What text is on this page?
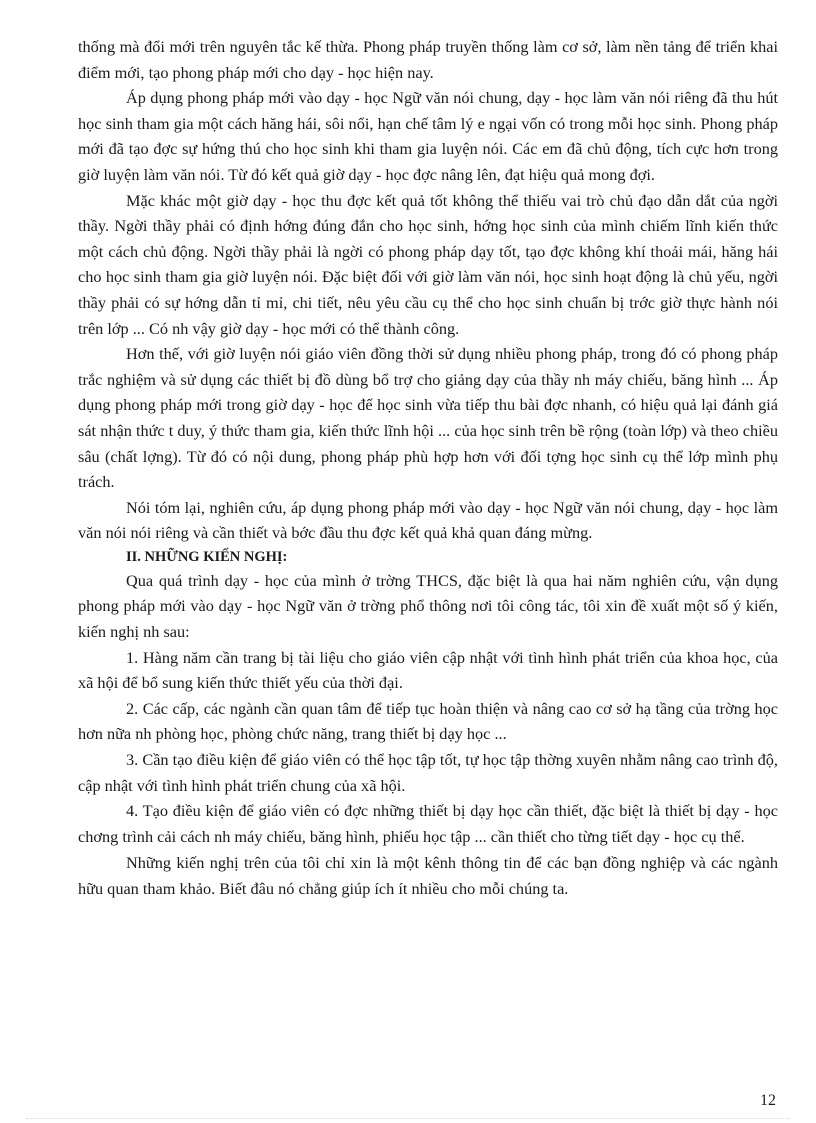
thống mà đổi mới trên nguyên tắc kế thừa. Phong pháp truyền thống làm cơ sở, làm nền tảng để triển khai điểm mới, tạo phong pháp mới cho dạy - học hiện nay.

Áp dụng phong pháp mới vào dạy - học Ngữ văn nói chung, dạy - học làm văn nói riêng đã thu hút học sinh tham gia một cách hăng hái, sôi nổi, hạn chế tâm lý e ngại vốn có trong mỗi học sinh. Phong pháp mới đã tạo đợc sự hứng thú cho học sinh khi tham gia luyện nói. Các em đã chủ động, tích cực hơn trong giờ luyện làm văn nói. Từ đó kết quả giờ dạy - học đợc nâng lên, đạt hiệu quả mong đợi.

Mặc khác một giờ dạy - học thu đợc kết quả tốt không thể thiếu vai trò chủ đạo dẫn dắt của ngời thầy. Ngời thầy phải có định hớng đúng đắn cho học sinh, hớng học sinh của mình chiếm lĩnh kiến thức một cách chủ động. Ngời thầy phải là ngời có phong pháp dạy tốt, tạo đợc không khí thoải mái, hăng hái cho học sinh tham gia giờ luyện nói. Đặc biệt đối với giờ làm văn nói, học sinh hoạt động là chủ yếu, ngời thầy phải có sự hớng dẫn tỉ mỉ, chi tiết, nêu yêu cầu cụ thể cho học sinh chuẩn bị trớc giờ thực hành nói trên lớp ... Có nh vậy giờ dạy - học mới có thể thành công.

Hơn thế, với giờ luyện nói giáo viên đồng thời sử dụng nhiều phong pháp, trong đó có phong pháp trắc nghiệm và sử dụng các thiết bị đồ dùng bổ trợ cho giảng dạy của thầy nh máy chiếu, băng hình ... Áp dụng phong pháp mới trong giờ dạy - học để học sinh vừa tiếp thu bài đợc nhanh, có hiệu quả lại đánh giá sát nhận thức t duy, ý thức tham gia, kiến thức lĩnh hội ... của học sinh trên bề rộng (toàn lớp) và theo chiều sâu (chất lợng). Từ đó có nội dung, phong pháp phù hợp hơn với đối tợng học sinh cụ thể lớp mình phụ trách.

Nói tóm lại, nghiên cứu, áp dụng phong pháp mới vào dạy - học Ngữ văn nói chung, dạy - học làm văn nói nói riêng và cần thiết và bớc đầu thu đợc kết quả khả quan đáng mừng.

II. NHỮNG KIẾN NGHỊ:

Qua quá trình dạy - học của mình ở trờng THCS, đặc biệt là qua hai năm nghiên cứu, vận dụng phong pháp mới vào dạy - học Ngữ văn ở trờng phổ thông nơi tôi công tác, tôi xin đề xuất một số ý kiến, kiến nghị nh sau:

1. Hàng năm cần trang bị tài liệu cho giáo viên cập nhật với tình hình phát triển của khoa học, của xã hội để bổ sung kiến thức thiết yếu của thời đại.

2. Các cấp, các ngành cần quan tâm để tiếp tục hoàn thiện và nâng cao cơ sở hạ tầng của trờng học hơn nữa nh phòng học, phòng chức năng, trang thiết bị dạy học ...

3. Cần tạo điều kiện để giáo viên có thể học tập tốt, tự học tập thờng xuyên nhằm nâng cao trình độ, cập nhật với tình hình phát triển chung của xã hội.

4. Tạo điều kiện để giáo viên có đợc những thiết bị dạy học cần thiết, đặc biệt là thiết bị dạy - học chơng trình cải cách nh máy chiếu, băng hình, phiếu học tập ... cần thiết cho từng tiết dạy - học cụ thể.

Những kiến nghị trên của tôi chỉ xin là một kênh thông tin để các bạn đồng nghiệp và các ngành hữu quan tham khảo. Biết đâu nó chẳng giúp ích ít nhiều cho mỗi chúng ta.

12
